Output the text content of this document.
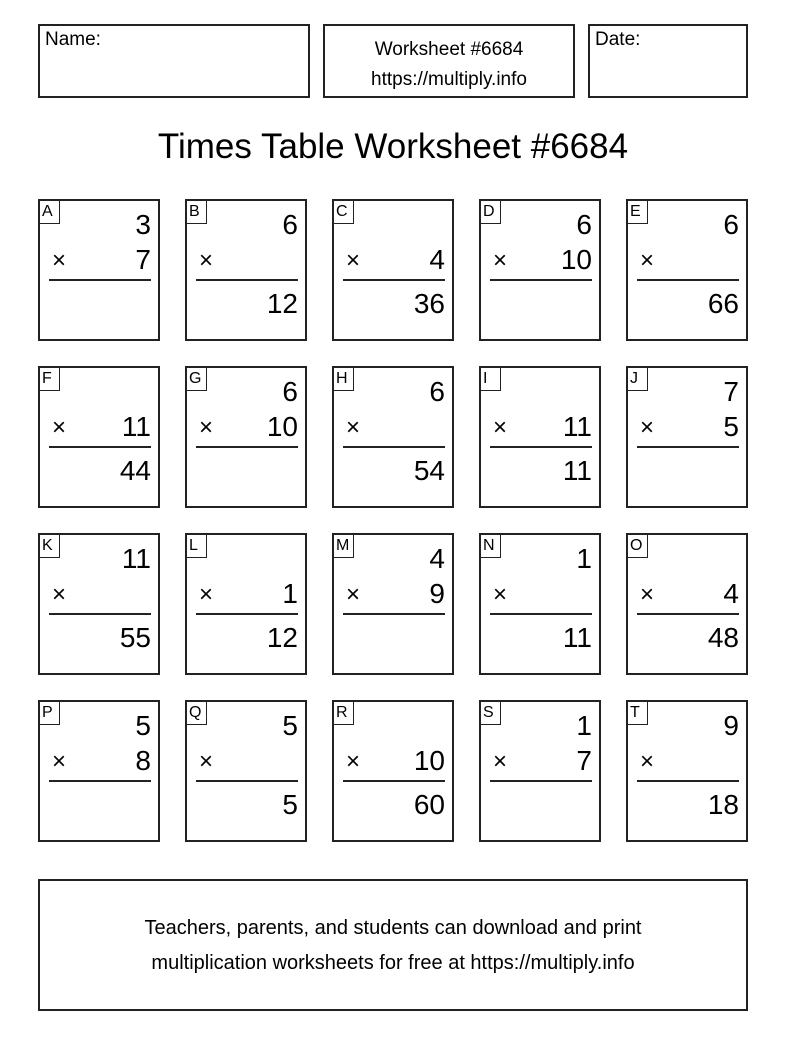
Name:	Worksheet #6684
https://multiply.info
Date:
Times Table Worksheet #6684
A	3
× 7
B	6
×
12
C
× 4
36
D	6
× 10
E	6
×
66
F
× 11
44
G	6
× 10
H	6
×
54
I
× 11
11
J	7
× 5
K 11
×
55
L
× 1
12
M	4
× 9
N	1
×
11
O
× 4
48
P	5
× 8
Q	5
×
5
R
× 10
60
S	1
× 7
T	9
×
18
Teachers, parents, and students can download and print
multiplication worksheets for free at https://multiply.info
